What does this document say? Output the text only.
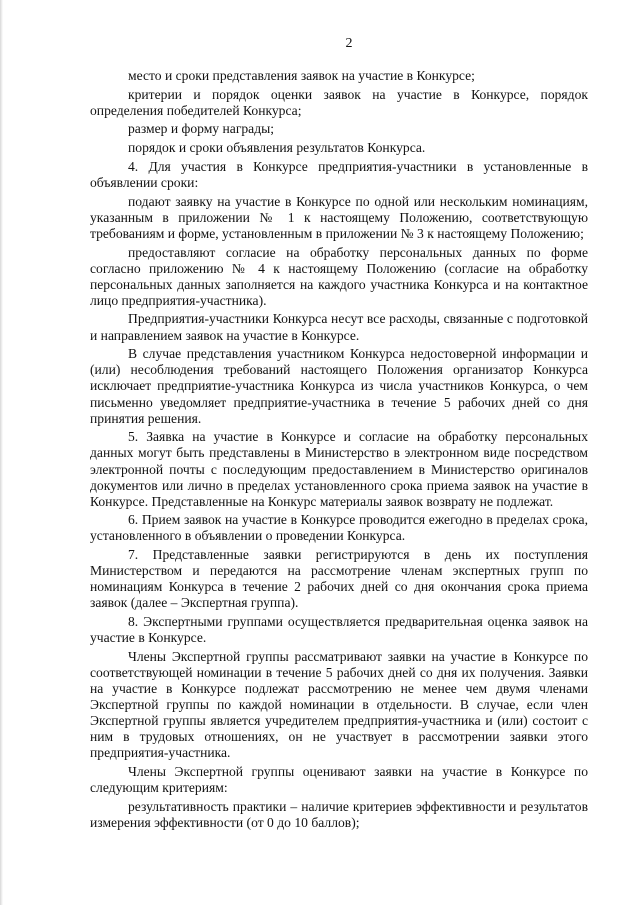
2

место и сроки представления заявок на участие в Конкурсе;

критерии и порядок оценки заявок на участие в Конкурсе, порядок определения победителей Конкурса;

размер и форму награды;

порядок и сроки объявления результатов Конкурса.

4. Для участия в Конкурсе предприятия-участники в установленные в объявлении сроки:

подают заявку на участие в Конкурсе по одной или нескольким номинациям, указанным в приложении № 1 к настоящему Положению, соответствующую требованиям и форме, установленным в приложении № 3 к настоящему Положению;

предоставляют согласие на обработку персональных данных по форме согласно приложению № 4 к настоящему Положению (согласие на обработку персональных данных заполняется на каждого участника Конкурса и на контактное лицо предприятия-участника).

Предприятия-участники Конкурса несут все расходы, связанные с подготовкой и направлением заявок на участие в Конкурсе.

В случае представления участником Конкурса недостоверной информации и (или) несоблюдения требований настоящего Положения организатор Конкурса исключает предприятие-участника Конкурса из числа участников Конкурса, о чем письменно уведомляет предприятие-участника в течение 5 рабочих дней со дня принятия решения.

5. Заявка на участие в Конкурсе и согласие на обработку персональных данных могут быть представлены в Министерство в электронном виде посредством электронной почты с последующим предоставлением в Министерство оригиналов документов или лично в пределах установленного срока приема заявок на участие в Конкурсе. Представленные на Конкурс материалы заявок возврату не подлежат.

6. Прием заявок на участие в Конкурсе проводится ежегодно в пределах срока, установленного в объявлении о проведении Конкурса.

7. Представленные заявки регистрируются в день их поступления Министерством и передаются на рассмотрение членам экспертных групп по номинациям Конкурса в течение 2 рабочих дней со дня окончания срока приема заявок (далее – Экспертная группа).

8. Экспертными группами осуществляется предварительная оценка заявок на участие в Конкурсе.

Члены Экспертной группы рассматривают заявки на участие в Конкурсе по соответствующей номинации в течение 5 рабочих дней со дня их получения. Заявки на участие в Конкурсе подлежат рассмотрению не менее чем двумя членами Экспертной группы по каждой номинации в отдельности. В случае, если член Экспертной группы является учредителем предприятия-участника и (или) состоит с ним в трудовых отношениях, он не участвует в рассмотрении заявки этого предприятия-участника.

Члены Экспертной группы оценивают заявки на участие в Конкурсе по следующим критериям:

результативность практики – наличие критериев эффективности и результатов измерения эффективности (от 0 до 10 баллов);
